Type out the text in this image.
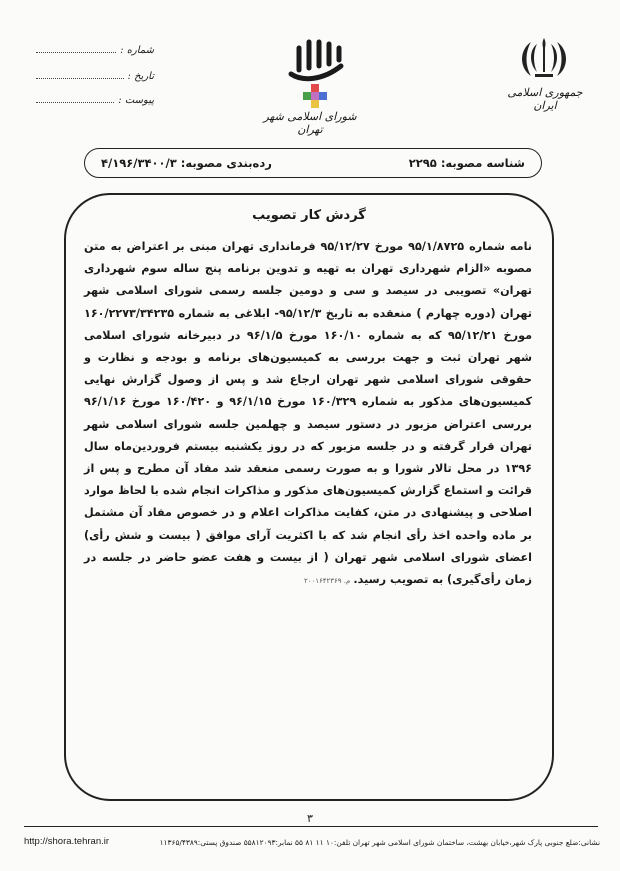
جمهوری اسلامی ایران
شورای اسلامی شهر تهران
شماره :
تاریخ :
پیوست :
شناسه مصوبه: ۲۲۹۵
رده‌بندی مصوبه: ۴/۱۹۶/۳۴۰۰/۳
گردش کار تصویب
نامه شماره ۹۵/۱/۸۷۲۵ مورخ ۹۵/۱۲/۲۷ فرمانداری تهران مبنی بر اعتراض به متن مصوبه «الزام شهرداری تهران به تهیه و تدوین برنامه پنج ساله سوم شهرداری تهران» تصویبی در سیصد و سی و دومین جلسه رسمی شورای اسلامی شهر تهران (دوره چهارم ) منعقده به تاریخ ۹۵/۱۲/۳- ابلاغی به شماره ۱۶۰/۲۲۷۳/۳۴۲۳۵ مورخ ۹۵/۱۲/۲۱ که به شماره ۱۶۰/۱۰ مورخ ۹۶/۱/۵ در دبیرخانه شورای اسلامی شهر تهران ثبت و جهت بررسی به کمیسیون‌های برنامه و بودجه و نظارت و حقوقی شورای اسلامی شهر تهران ارجاع شد و پس از وصول گزارش نهایی کمیسیون‌های مذکور به شماره ۱۶۰/۳۲۹ مورخ ۹۶/۱/۱۵ و ۱۶۰/۴۲۰ مورخ ۹۶/۱/۱۶ بررسی اعتراض مزبور در دستور سیصد و چهلمین جلسه شورای اسلامی شهر تهران قرار گرفته و در جلسه مزبور که در روز یکشنبه بیستم فروردین‌ماه سال ۱۳۹۶ در محل تالار شورا و به صورت رسمی منعقد شد مفاد آن مطرح و پس از قرائت و استماع گزارش کمیسیون‌های مذکور و مذاکرات انجام شده با لحاظ موارد اصلاحی و پیشنهادی در متن، کفایت مذاکرات اعلام و در خصوص مفاد آن مشتمل بر ماده واحده اخذ رأی انجام شد که با اکثریت آرای موافق ( بیست و شش رأی) اعضای شورای اسلامی شهر تهران ( از بیست و هفت عضو حاضر در جلسه در زمان رأی‌گیری) به تصویب رسید.م. ۲۰۰۱۶۴۲۳۶۹
۳
نشانی:ضلع جنوبی پارک شهر،خیابان بهشت، ساختمان شورای اسلامی شهر تهران تلفن:۱۰ ۱۱ ۸۱ ۵۵ نمابر:۵۵۸۱۲۰۹۳ صندوق پستی:۱۱۳۶۵/۴۳۸۹
http://shora.tehran.ir
